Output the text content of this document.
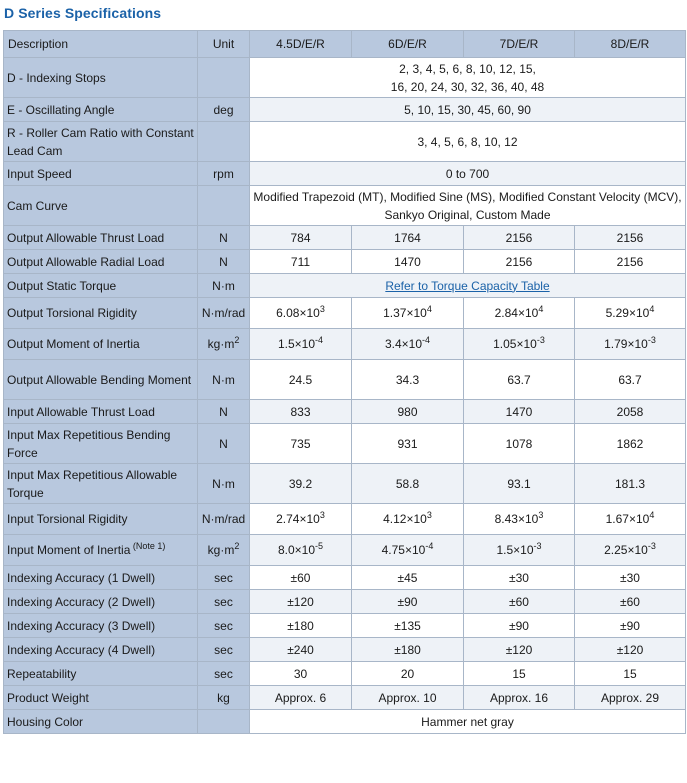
D Series Specifications
Description	Unit	4.5D/E/R	6D/E/R	7D/E/R	8D/E/R
D - Indexing Stops		2, 3, 4, 5, 6, 8, 10, 12, 15,
16, 20, 24, 30, 32, 36, 40, 48			
E - Oscillating Angle	deg	5, 10, 15, 30, 45, 60, 90			
R - Roller Cam Ratio with Constant Lead Cam		3, 4, 5, 6, 8, 10, 12			
Input Speed	rpm	0 to 700			
Cam Curve		Modified Trapezoid (MT), Modified Sine (MS), Modified Constant Velocity (MCV), Sankyo Original, Custom Made			
Output Allowable Thrust Load	N	784	1764	2156	2156
Output Allowable Radial Load	N	711	1470	2156	2156
Output Static Torque	N·m	Refer to Torque Capacity Table			
Output Torsional Rigidity	N·m/rad	$6.08\times 10^3$	$1.37\times 10^4$	$2.84\times 10^4$	$5.29\times 10^4$
Output Moment of Inertia	$kg\cdot m^2$	$1.5\times 10^{-4}$	$3.4\times 10^{-4}$	$1.05\times 10^{-3}$	$1.79\times 10^{-3}$
Output Allowable Bending Moment	N·m	24.5	34.3	63.7	63.7
Input Allowable Thrust Load	N	833	980	1470	2058
Input Max Repetitious Bending Force	N	735	931	1078	1862
Input Max Repetitious Allowable Torque	N·m	39.2	58.8	93.1	181.3
Input Torsional Rigidity	N·m/rad	$2.74\times 10^3$	$4.12\times 10^3$	$8.43\times 10^3$	$1.67\times 10^4$
Input Moment of Inertia $^{(Note 1)}$	$kg\cdot m^2$	$8.0\times 10^{-5}$	$4.75\times 10^{-4}$	$1.5\times 10^{-3}$	$2.25\times 10^{-3}$
Indexing Accuracy (1 Dwell)	sec	±60	±45	±30	±30
Indexing Accuracy (2 Dwell)	sec	±120	±90	±60	±60
Indexing Accuracy (3 Dwell)	sec	±180	±135	±90	±90
Indexing Accuracy (4 Dwell)	sec	±240	±180	±120	±120
Repeatability	sec	30	20	15	15
Product Weight	kg	Approx. 6	Approx. 10	Approx. 16	Approx. 29
Housing Color		Hammer net gray			
